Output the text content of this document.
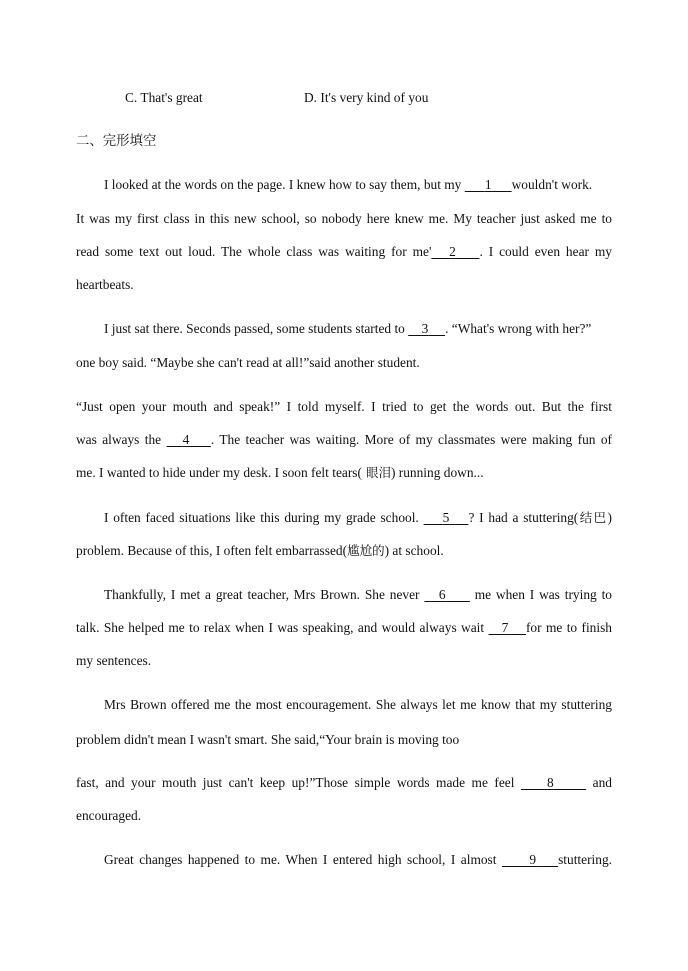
C. That's great	D. It's very kind of you
二、完形填空
I looked at the words on the page. I knew how to say them, but my       1 wouldn't work.
It was my first class in this new school, so nobody here knew me. My teacher just asked me to
read some text out loud. The whole class was waiting for me' 2 . I could even hear my
heartbeats.
I just sat there. Seconds passed, some students started to     3 . “What's wrong with her?”
one boy said. “Maybe she can't read at all!”said another student.
“Just open your mouth and speak!” I told myself. I tried to get the words out. But the first
was always the    4 . The teacher was waiting. More of my classmates were making fun of
me. I wanted to hide under my desk. I soon felt tears( 眼泪) running down...
I often faced situations like this during my grade school.     5 ? I had a stuttering(结巴)
problem. Because of this, I often felt embarrassed(尴尬的) at school.
Thankfully, I met a great teacher, Mrs Brown. She never    6      me when I was trying to
talk. She helped me to relax when I was speaking, and would always wait    7 for me to finish
my sentences.
Mrs Brown offered me the most encouragement. She always let me know that my stuttering
problem didn't mean I wasn't smart. She said,“Your brain is moving too
fast, and your mouth just can't keep up!”Those simple words made me feel     8      and
encouraged.
Great changes happened to me. When I entered high school, I almost      9 stuttering.
